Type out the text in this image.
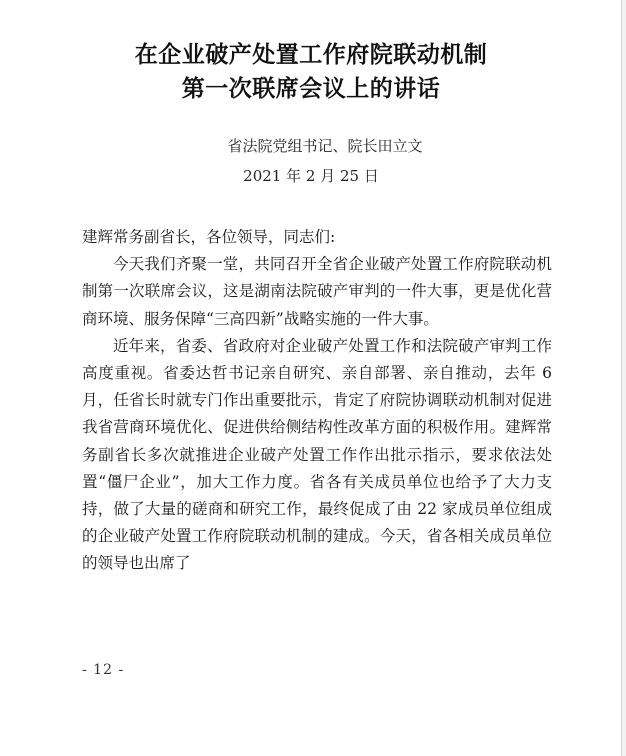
在企业破产处置工作府院联动机制
第一次联席会议上的讲话

省法院党组书记、院长田立文

2021 年 2 月 25 日

建辉常务副省长，各位领导，同志们:

今天我们齐聚一堂，共同召开全省企业破产处置工作府院联动机制第一次联席会议，这是湖南法院破产审判的一件大事，更是优化营商环境、服务保障“三高四新”战略实施的一件大事。

近年来，省委、省政府对企业破产处置工作和法院破产审判工作高度重视。省委达哲书记亲自研究、亲自部署、亲自推动，去年 6 月，任省长时就专门作出重要批示，肯定了府院协调联动机制对促进我省营商环境优化、促进供给侧结构性改革方面的积极作用。建辉常务副省长多次就推进企业破产处置工作作出批示指示，要求依法处置“僵尸企业”，加大工作力度。省各有关成员单位也给予了大力支持，做了大量的磋商和研究工作，最终促成了由 22 家成员单位组成的企业破产处置工作府院联动机制的建成。今天，省各相关成员单位的领导也出席了

- 12 -
